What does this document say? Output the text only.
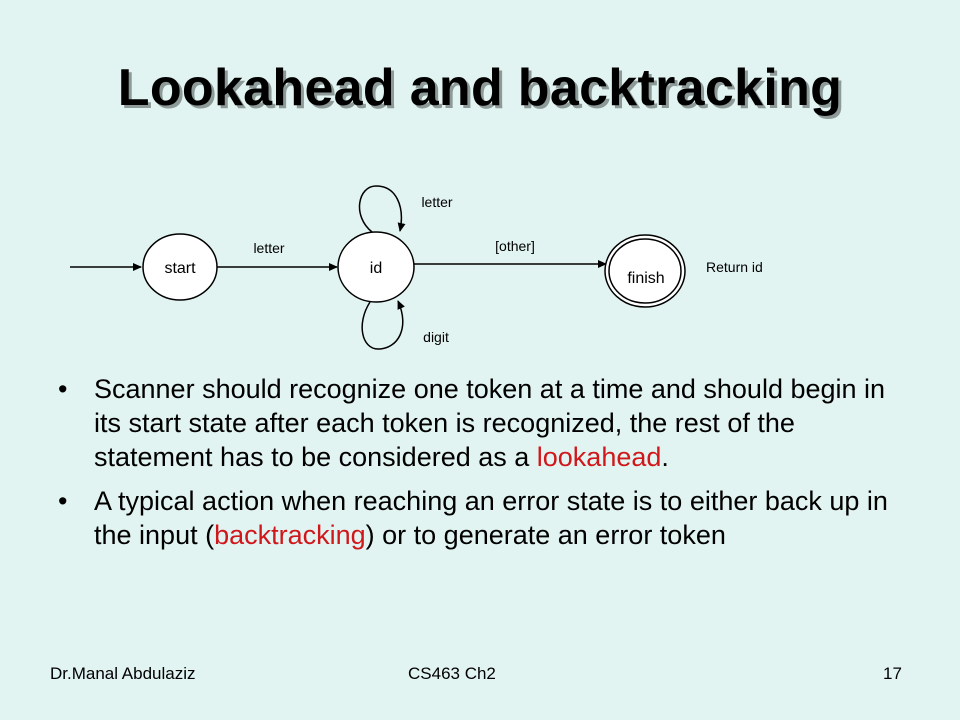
Lookahead and backtracking
start
letter
id
letter
digit
[other]
finish
Return id
• Scanner should recognize one token at a time and should begin in its start state after each token is recognized, the rest of the statement has to be considered as a lookahead.
• A typical action when reaching an error state is to either back up in the input (backtracking) or to generate an error token
Dr.Manal Abdulaziz	CS463 Ch2	17
